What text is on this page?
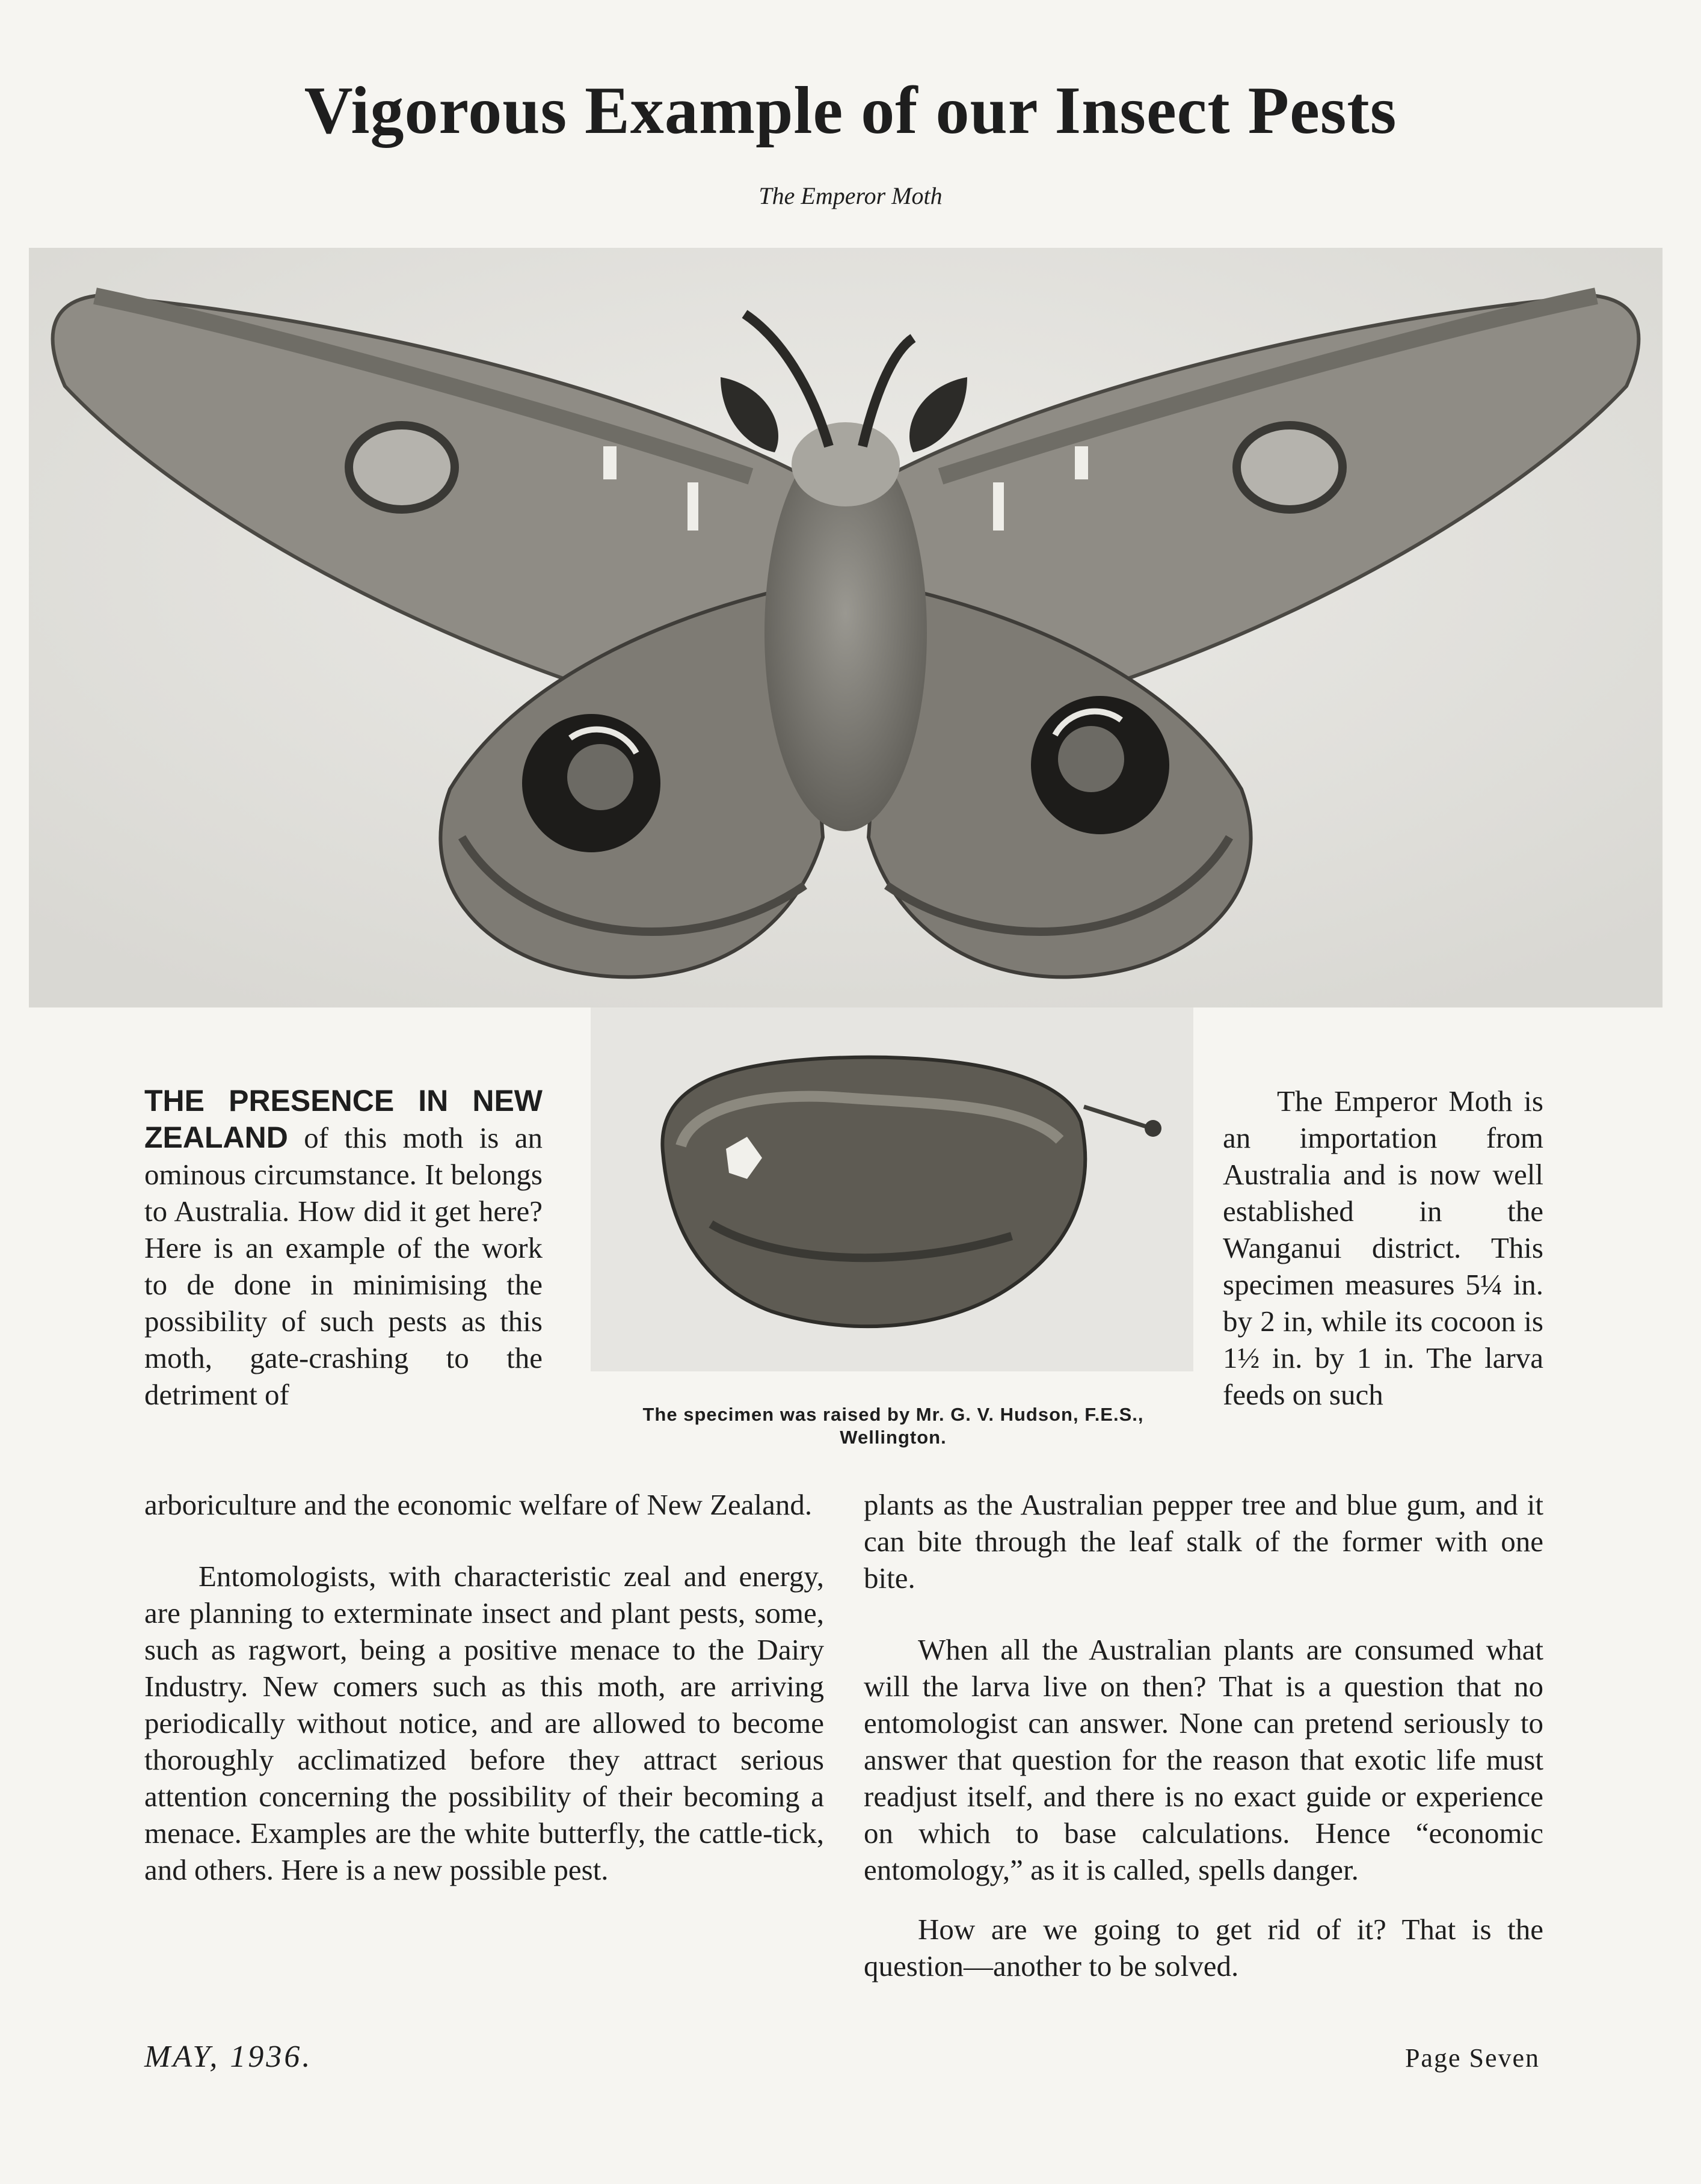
Vigorous Example of our Insect Pests
The Emperor Moth
The specimen was raised by Mr. G. V. Hudson, F.E.S.,
Wellington.

THE PRESENCE IN NEW ZEALAND of this moth is an ominous circumstance. It belongs to Australia. How did it get here? Here is an example of the work to de done in minimising the possibility of such pests as this moth, gate-crashing to the detriment of

arboriculture and the economic welfare of New Zealand.

Entomologists, with characteristic zeal and energy, are planning to exterminate insect and plant pests, some, such as ragwort, being a positive menace to the Dairy Industry. New comers such as this moth, are arriving periodically without notice, and are allowed to become thoroughly acclimatized before they attract serious attention concerning the possibility of their becoming a menace. Examples are the white butterfly, the cattle-tick, and others. Here is a new possible pest.

The Emperor Moth is an importation from Australia and is now well established in the Wanganui district. This specimen measures 5¼ in. by 2 in, while its cocoon is 1½ in. by 1 in. The larva feeds on such

plants as the Australian pepper tree and blue gum, and it can bite through the leaf stalk of the former with one bite.

When all the Australian plants are consumed what will the larva live on then? That is a question that no entomologist can answer. None can pretend seriously to answer that question for the reason that exotic life must readjust itself, and there is no exact guide or experience on which to base calculations. Hence “economic entomology,” as it is called, spells danger.

How are we going to get rid of it? That is the question—another to be solved.

MAY, 1936.	Page Seven
